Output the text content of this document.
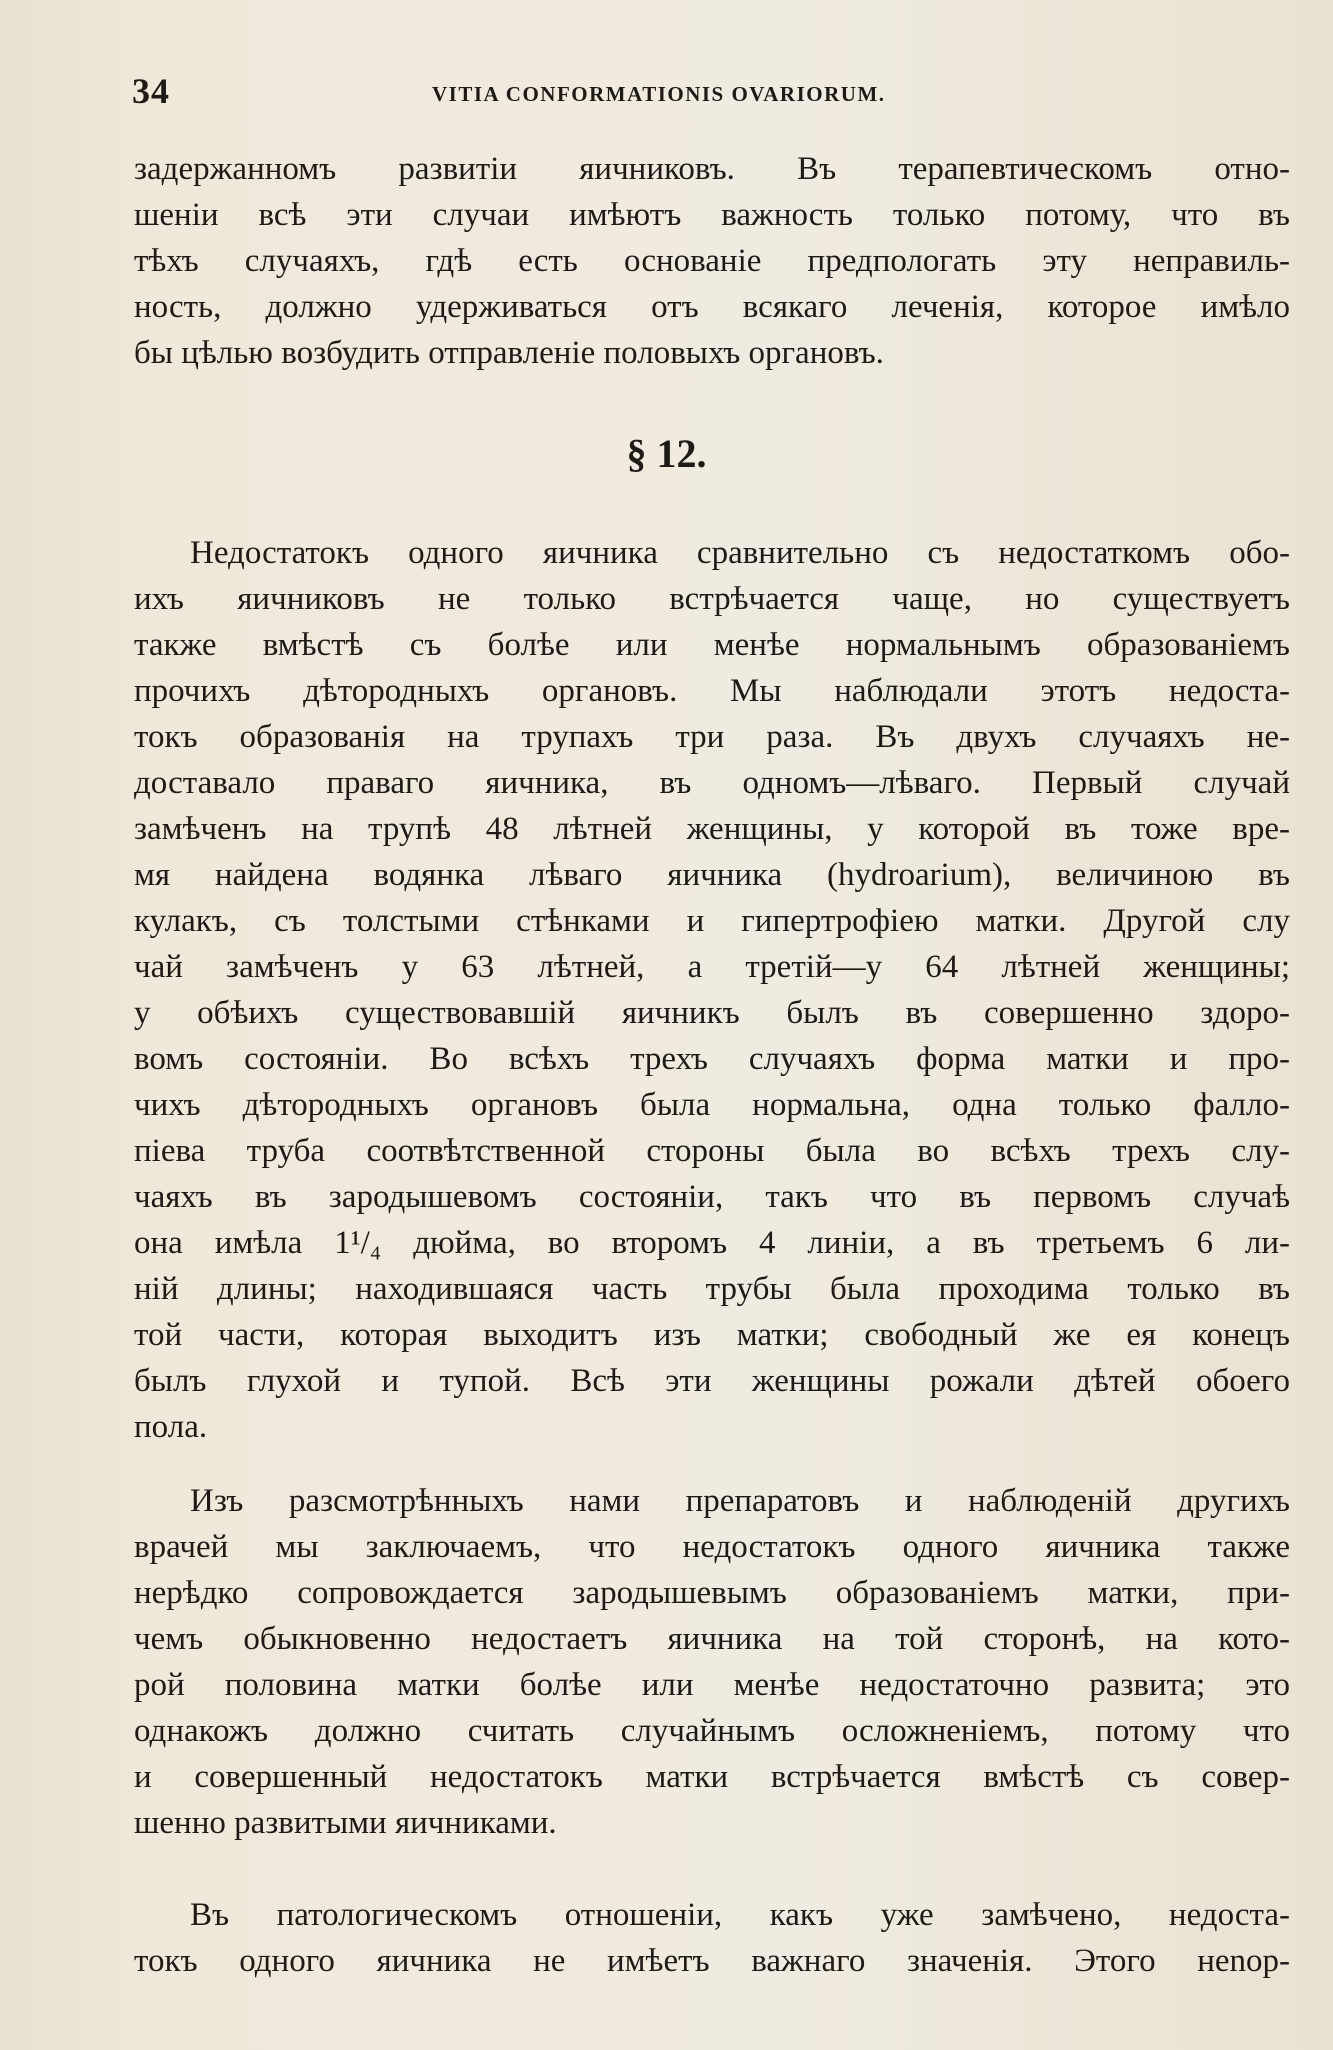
34	VITIA CONFORMATIONIS OVARIORUM.
задержанномъ развитіи яичниковъ. Въ терапевтическомъ отно-
шеніи всѣ эти случаи имѣютъ важность только потому, что въ
тѣхъ случаяхъ, гдѣ есть основаніе предпологать эту неправиль-
ность, должно удерживаться отъ всякаго леченія, которое имѣло
бы цѣлью возбудить отправленіе половыхъ органовъ.
§ 12.
Недостатокъ одного яичника сравнительно съ недостаткомъ обо-
ихъ яичниковъ не только встрѣчается чаще, но существуетъ
также вмѣстѣ съ болѣе или менѣе нормальнымъ образованіемъ
прочихъ дѣтородныхъ органовъ. Мы наблюдали этотъ недоста-
токъ образованія на трупахъ три раза. Въ двухъ случаяхъ не-
доставало праваго яичника, въ одномъ—лѣваго. Первый случай
замѣченъ на трупѣ 48 лѣтней женщины, у которой въ тоже вре-
мя найдена водянка лѣваго яичника (hydroarium), величиною въ
кулакъ, съ толстыми стѣнками и гипертрофіею матки. Другой слу
чай замѣченъ у 63 лѣтней, а третій—у 64 лѣтней женщины;
у обѣихъ существовавшій яичникъ былъ въ совершенно здоро-
вомъ состояніи. Во всѣхъ трехъ случаяхъ форма матки и про-
чихъ дѣтородныхъ органовъ была нормальна, одна только фалло-
піева труба соотвѣтственной стороны была во всѣхъ трехъ слу-
чаяхъ въ зародышевомъ состояніи, такъ что въ первомъ случаѣ
она имѣла 1¹/₄ дюйма, во второмъ 4 линіи, а въ третьемъ 6 ли-
ній длины; находившаяся часть трубы была проходима только въ
той части, которая выходитъ изъ матки; свободный же ея конецъ
былъ глухой и тупой. Всѣ эти женщины рожали дѣтей обоего
пола.
Изъ разсмотрѣнныхъ нами препаратовъ и наблюденій другихъ
врачей мы заключаемъ, что недостатокъ одного яичника также
нерѣдко сопровождается зародышевымъ образованіемъ матки, при-
чемъ обыкновенно недостаетъ яичника на той сторонѣ, на кото-
рой половина матки болѣе или менѣе недостаточно развита; это
однакожъ должно считать случайнымъ осложненіемъ, потому что
и совершенный недостатокъ матки встрѣчается вмѣстѣ съ совер-
шенно развитыми яичниками.
Въ патологическомъ отношеніи, какъ уже замѣчено, недоста-
токъ одного яичника не имѣетъ важнаго значенія. Этого нenор-
